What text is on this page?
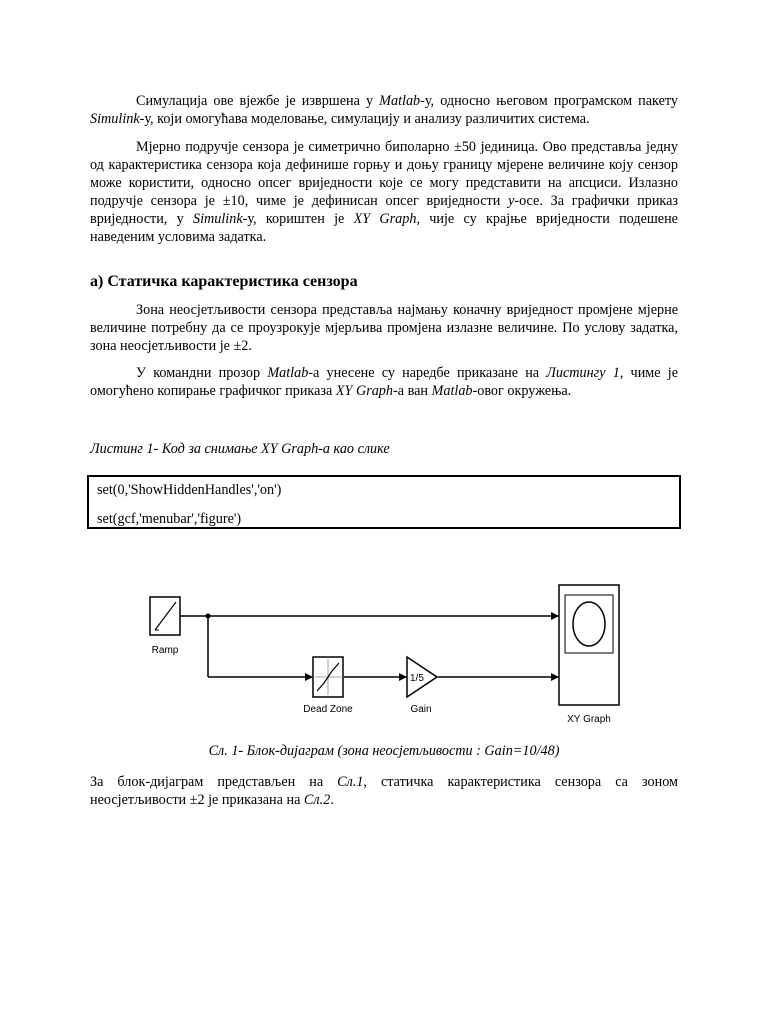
Симулација ове вјежбе је извршена у Matlab-у, односно његовом програмском пакету Simulink-у, који омогућава моделовање, симулацију и анализу различитих система.

Мјерно подручје сензора је симетрично биполарно ±50 јединица. Ово представља једну од карактеристика сензора која дефинише горњу и доњу границу мјерене величине коју сензор може користити, односно опсег вриједности које се могу представити на апсциси. Излазно подручје сензора је ±10, чиме је дефинисан опсег вриједности y-осе. За графички приказ вриједности, у Simulink-у, кориштен је XY Graph, чије су крајње вриједности подешене наведеним условима задатка.

а) Статичка карактеристика сензора

Зона неосјетљивости сензора представља најмању коначну вриједност промјене мјерне величине потребну да се проузрокује мјерљива промјена излазне величине. По услову задатка, зона неосјетљивости је ±2.

У командни прозор Matlab-а унесене су наредбе приказане на Листингу 1, чиме је омогућено копирање графичког приказа XY Graph-а ван Matlab-овог окружења.

Листинг 1- Код за снимање XY Graph-а као слике
set(0,'ShowHiddenHandles','on')
set(gcf,'menubar','figure')
Ramp
Dead Zone
1/5
Gain
XY Graph
Сл. 1- Блок-дијаграм (зона неосјетљивости : Gain=10/48)

За блок-дијаграм представљен на Сл.1, статичка карактеристика сензора са зоном неосјетљивости ±2 је приказана на Сл.2.
